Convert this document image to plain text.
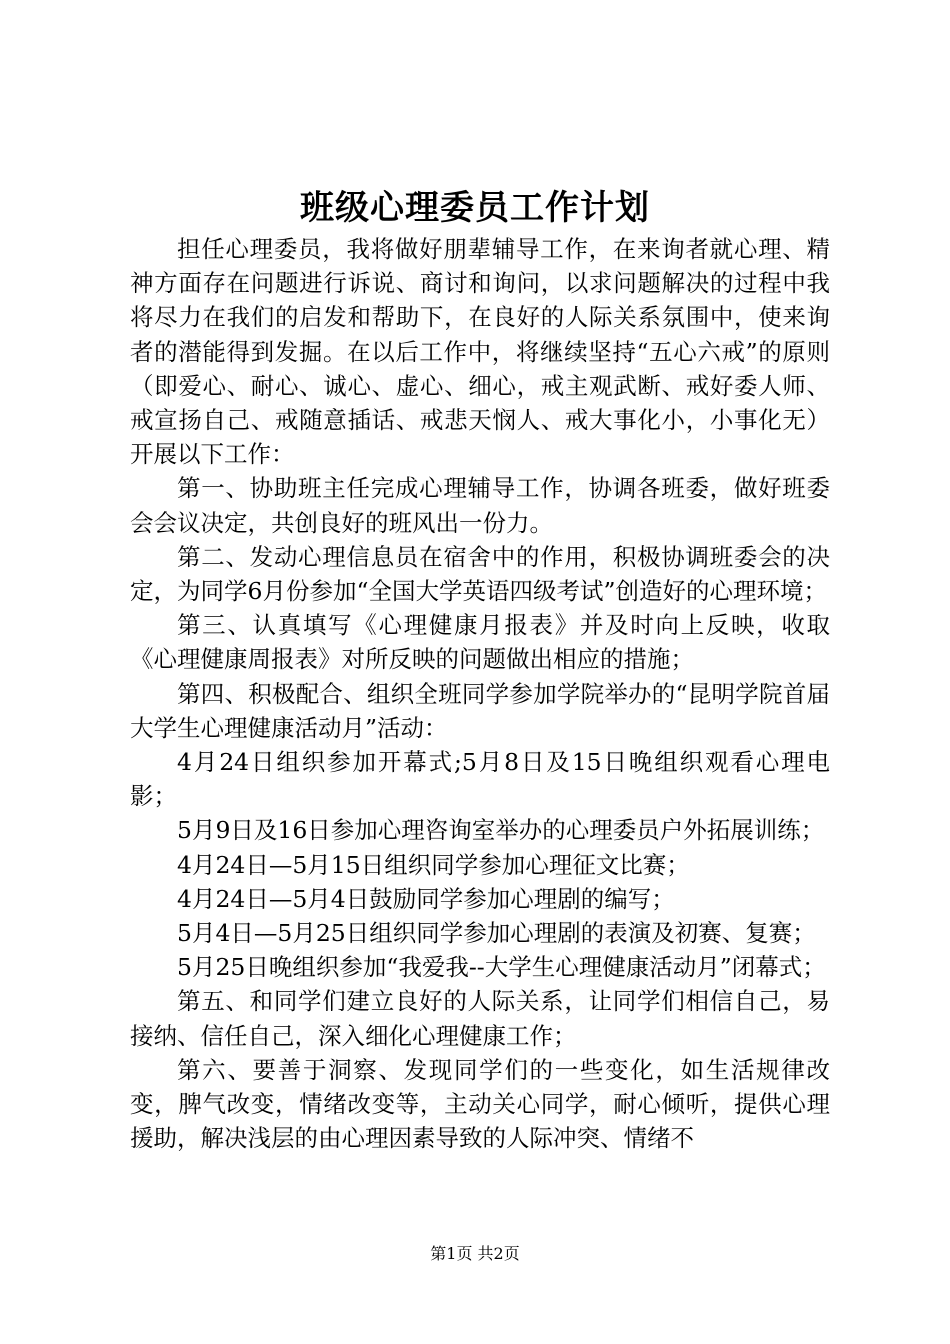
班级心理委员工作计划

担任心理委员，我将做好朋辈辅导工作，在来询者就心理、精神方面存在问题进行诉说、商讨和询问，以求问题解决的过程中我将尽力在我们的启发和帮助下，在良好的人际关系氛围中，使来询者的潜能得到发掘。在以后工作中，将继续坚持“五心六戒”的原则（即爱心、耐心、诚心、虚心、细心，戒主观武断、戒好委人师、戒宣扬自己、戒随意插话、戒悲天悯人、戒大事化小，小事化无）开展以下工作：

第一、协助班主任完成心理辅导工作，协调各班委，做好班委会会议决定，共创良好的班风出一份力。

第二、发动心理信息员在宿舍中的作用，积极协调班委会的决定，为同学6月份参加“全国大学英语四级考试”创造好的心理环境；

第三、认真填写《心理健康月报表》并及时向上反映，收取《心理健康周报表》对所反映的问题做出相应的措施；

第四、积极配合、组织全班同学参加学院举办的“昆明学院首届大学生心理健康活动月”活动：

4月24日组织参加开幕式;5月8日及15日晚组织观看心理电影；

5月9日及16日参加心理咨询室举办的心理委员户外拓展训练；

4月24日—5月15日组织同学参加心理征文比赛；

4月24日—5月4日鼓励同学参加心理剧的编写；

5月4日—5月25日组织同学参加心理剧的表演及初赛、复赛；

5月25日晚组织参加“我爱我--大学生心理健康活动月”闭幕式；

第五、和同学们建立良好的人际关系，让同学们相信自己，易接纳、信任自己，深入细化心理健康工作；

第六、要善于洞察、发现同学们的一些变化，如生活规律改变，脾气改变，情绪改变等，主动关心同学，耐心倾听，提供心理援助，解决浅层的由心理因素导致的人际冲突、情绪不

第1页 共2页
